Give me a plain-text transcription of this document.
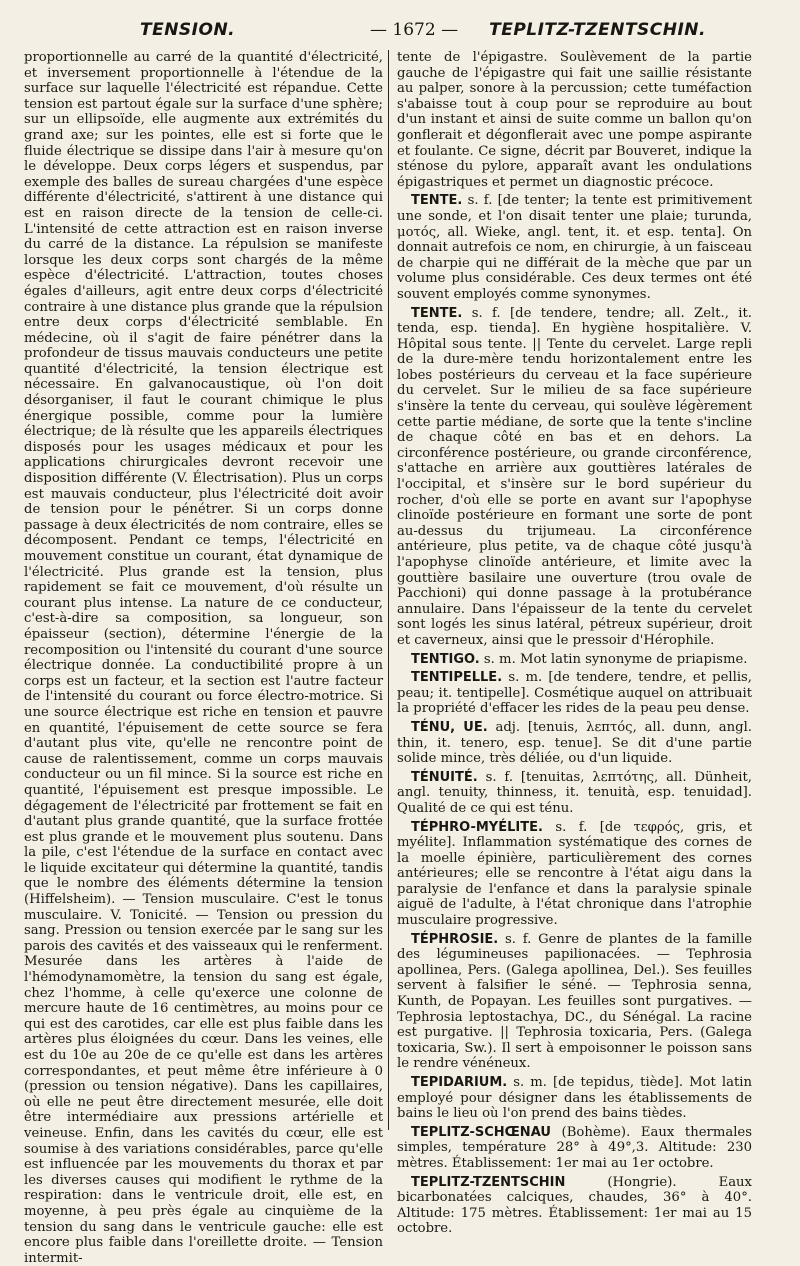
TENSION.	— 1672 — TEPLITZ-TZENTSCHIN.

proportionnelle au carré de la quantité d'électricité, et inversement proportionnelle à l'étendue de la surface sur laquelle l'électricité est répandue. Cette tension est partout égale sur la surface d'une sphère; sur un ellipsoïde, elle augmente aux extrémités du grand axe; sur les pointes, elle est si forte que le fluide électrique se dissipe dans l'air à mesure qu'on le développe. Deux corps légers et suspendus, par exemple des balles de sureau chargées d'une espèce différente d'électricité, s'attirent à une distance qui est en raison directe de la tension de celle-ci. L'intensité de cette attraction est en raison inverse du carré de la distance. La répulsion se manifeste lorsque les deux corps sont chargés de la même espèce d'électricité. L'attraction, toutes choses égales d'ailleurs, agit entre deux corps d'électricité contraire à une distance plus grande que la répulsion entre deux corps d'électricité semblable. En médecine, où il s'agit de faire pénétrer dans la profondeur de tissus mauvais conducteurs une petite quantité d'électricité, la tension électrique est nécessaire. En galvanocaustique, où l'on doit désorganiser, il faut le courant chimique le plus énergique possible, comme pour la lumière électrique; de là résulte que les appareils électriques disposés pour les usages médicaux et pour les applications chirurgicales devront recevoir une disposition différente (V. Électrisation). Plus un corps est mauvais conducteur, plus l'électricité doit avoir de tension pour le pénétrer. Si un corps donne passage à deux électricités de nom contraire, elles se décomposent. Pendant ce temps, l'électricité en mouvement constitue un courant, état dynamique de l'électricité. Plus grande est la tension, plus rapidement se fait ce mouvement, d'où résulte un courant plus intense. La nature de ce conducteur, c'est-à-dire sa composition, sa longueur, son épaisseur (section), détermine l'énergie de la recomposition ou l'intensité du courant d'une source électrique donnée. La conductibilité propre à un corps est un facteur, et la section est l'autre facteur de l'intensité du courant ou force électro-motrice. Si une source électrique est riche en tension et pauvre en quantité, l'épuisement de cette source se fera d'autant plus vite, qu'elle ne rencontre point de cause de ralentissement, comme un corps mauvais conducteur ou un fil mince. Si la source est riche en quantité, l'épuisement est presque impossible. Le dégagement de l'électricité par frottement se fait en d'autant plus grande quantité, que la surface frottée est plus grande et le mouvement plus soutenu. Dans la pile, c'est l'étendue de la surface en contact avec le liquide excitateur qui détermine la quantité, tandis que le nombre des éléments détermine la tension (Hiffelsheim). — Tension musculaire. C'est le tonus musculaire. V. Tonicité. — Tension ou pression du sang. Pression ou tension exercée par le sang sur les parois des cavités et des vaisseaux qui le renferment. Mesurée dans les artères à l'aide de l'hémodynamomètre, la tension du sang est égale, chez l'homme, à celle qu'exerce une colonne de mercure haute de 16 centimètres, au moins pour ce qui est des carotides, car elle est plus faible dans les artères plus éloignées du cœur. Dans les veines, elle est du 10e au 20e de ce qu'elle est dans les artères correspondantes, et peut même être inférieure à 0 (pression ou tension négative). Dans les capillaires, où elle ne peut être directement mesurée, elle doit être intermédiaire aux pressions artérielle et veineuse. Enfin, dans les cavités du cœur, elle est soumise à des variations considérables, parce qu'elle est influencée par les mouvements du thorax et par les diverses causes qui modifient le rythme de la respiration: dans le ventricule droit, elle est, en moyenne, à peu près égale au cinquième de la tension du sang dans le ventricule gauche: elle est encore plus faible dans l'oreillette droite. — Tension intermit-

tente de l'épigastre. Soulèvement de la partie gauche de l'épigastre qui fait une saillie résistante au palper, sonore à la percussion; cette tuméfaction s'abaisse tout à coup pour se reproduire au bout d'un instant et ainsi de suite comme un ballon qu'on gonflerait et dégonflerait avec une pompe aspirante et foulante. Ce signe, décrit par Bouveret, indique la sténose du pylore, apparaît avant les ondulations épigastriques et permet un diagnostic précoce.

TENTE. s. f. [de tenter; la tente est primitivement une sonde, et l'on disait tenter une plaie; turunda, μοτός, all. Wieke, angl. tent, it. et esp. tenta]. On donnait autrefois ce nom, en chirurgie, à un faisceau de charpie qui ne différait de la mèche que par un volume plus considérable. Ces deux termes ont été souvent employés comme synonymes.

TENTE. s. f. [de tendere, tendre; all. Zelt., it. tenda, esp. tienda]. En hygiène hospitalière. V. Hôpital sous tente. || Tente du cervelet. Large repli de la dure-mère tendu horizontalement entre les lobes postérieurs du cerveau et la face supérieure du cervelet. Sur le milieu de sa face supérieure s'insère la tente du cerveau, qui soulève légèrement cette partie médiane, de sorte que la tente s'incline de chaque côté en bas et en dehors. La circonférence postérieure, ou grande circonférence, s'attache en arrière aux gouttières latérales de l'occipital, et s'insère sur le bord supérieur du rocher, d'où elle se porte en avant sur l'apophyse clinoïde postérieure en formant une sorte de pont au-dessus du trijumeau. La circonférence antérieure, plus petite, va de chaque côté jusqu'à l'apophyse clinoïde antérieure, et limite avec la gouttière basilaire une ouverture (trou ovale de Pacchioni) qui donne passage à la protubérance annulaire. Dans l'épaisseur de la tente du cervelet sont logés les sinus latéral, pétreux supérieur, droit et caverneux, ainsi que le pressoir d'Hérophile.

TENTIGO. s. m. Mot latin synonyme de priapisme.

TENTIPELLE. s. m. [de tendere, tendre, et pellis, peau; it. tentipelle]. Cosmétique auquel on attribuait la propriété d'effacer les rides de la peau peu dense.

TÉNU, UE. adj. [tenuis, λεπτός, all. dunn, angl. thin, it. tenero, esp. tenue]. Se dit d'une partie solide mince, très déliée, ou d'un liquide.

TÉNUITÉ. s. f. [tenuitas, λεπτότης, all. Dünheit, angl. tenuity, thinness, it. tenuità, esp. tenuidad]. Qualité de ce qui est ténu.

TÉPHRO-MYÉLITE. s. f. [de τεφρός, gris, et myélite]. Inflammation systématique des cornes de la moelle épinière, particulièrement des cornes antérieures; elle se rencontre à l'état aigu dans la paralysie de l'enfance et dans la paralysie spinale aiguë de l'adulte, à l'état chronique dans l'atrophie musculaire progressive.

TÉPHROSIE. s. f. Genre de plantes de la famille des légumineuses papilionacées. — Tephrosia apollinea, Pers. (Galega apollinea, Del.). Ses feuilles servent à falsifier le séné. — Tephrosia senna, Kunth, de Popayan. Les feuilles sont purgatives. — Tephrosia leptostachya, DC., du Sénégal. La racine est purgative. || Tephrosia toxicaria, Pers. (Galega toxicaria, Sw.). Il sert à empoisonner le poisson sans le rendre vénéneux.

TEPIDARIUM. s. m. [de tepidus, tiède]. Mot latin employé pour désigner dans les établissements de bains le lieu où l'on prend des bains tièdes.

TEPLITZ-SCHŒNAU (Bohème). Eaux thermales simples, température 28° à 49°,3. Altitude: 230 mètres. Établissement: 1er mai au 1er octobre.

TEPLITZ-TZENTSCHIN (Hongrie). Eaux bicarbonatées calciques, chaudes, 36° à 40°. Altitude: 175 mètres. Établissement: 1er mai au 15 octobre.
